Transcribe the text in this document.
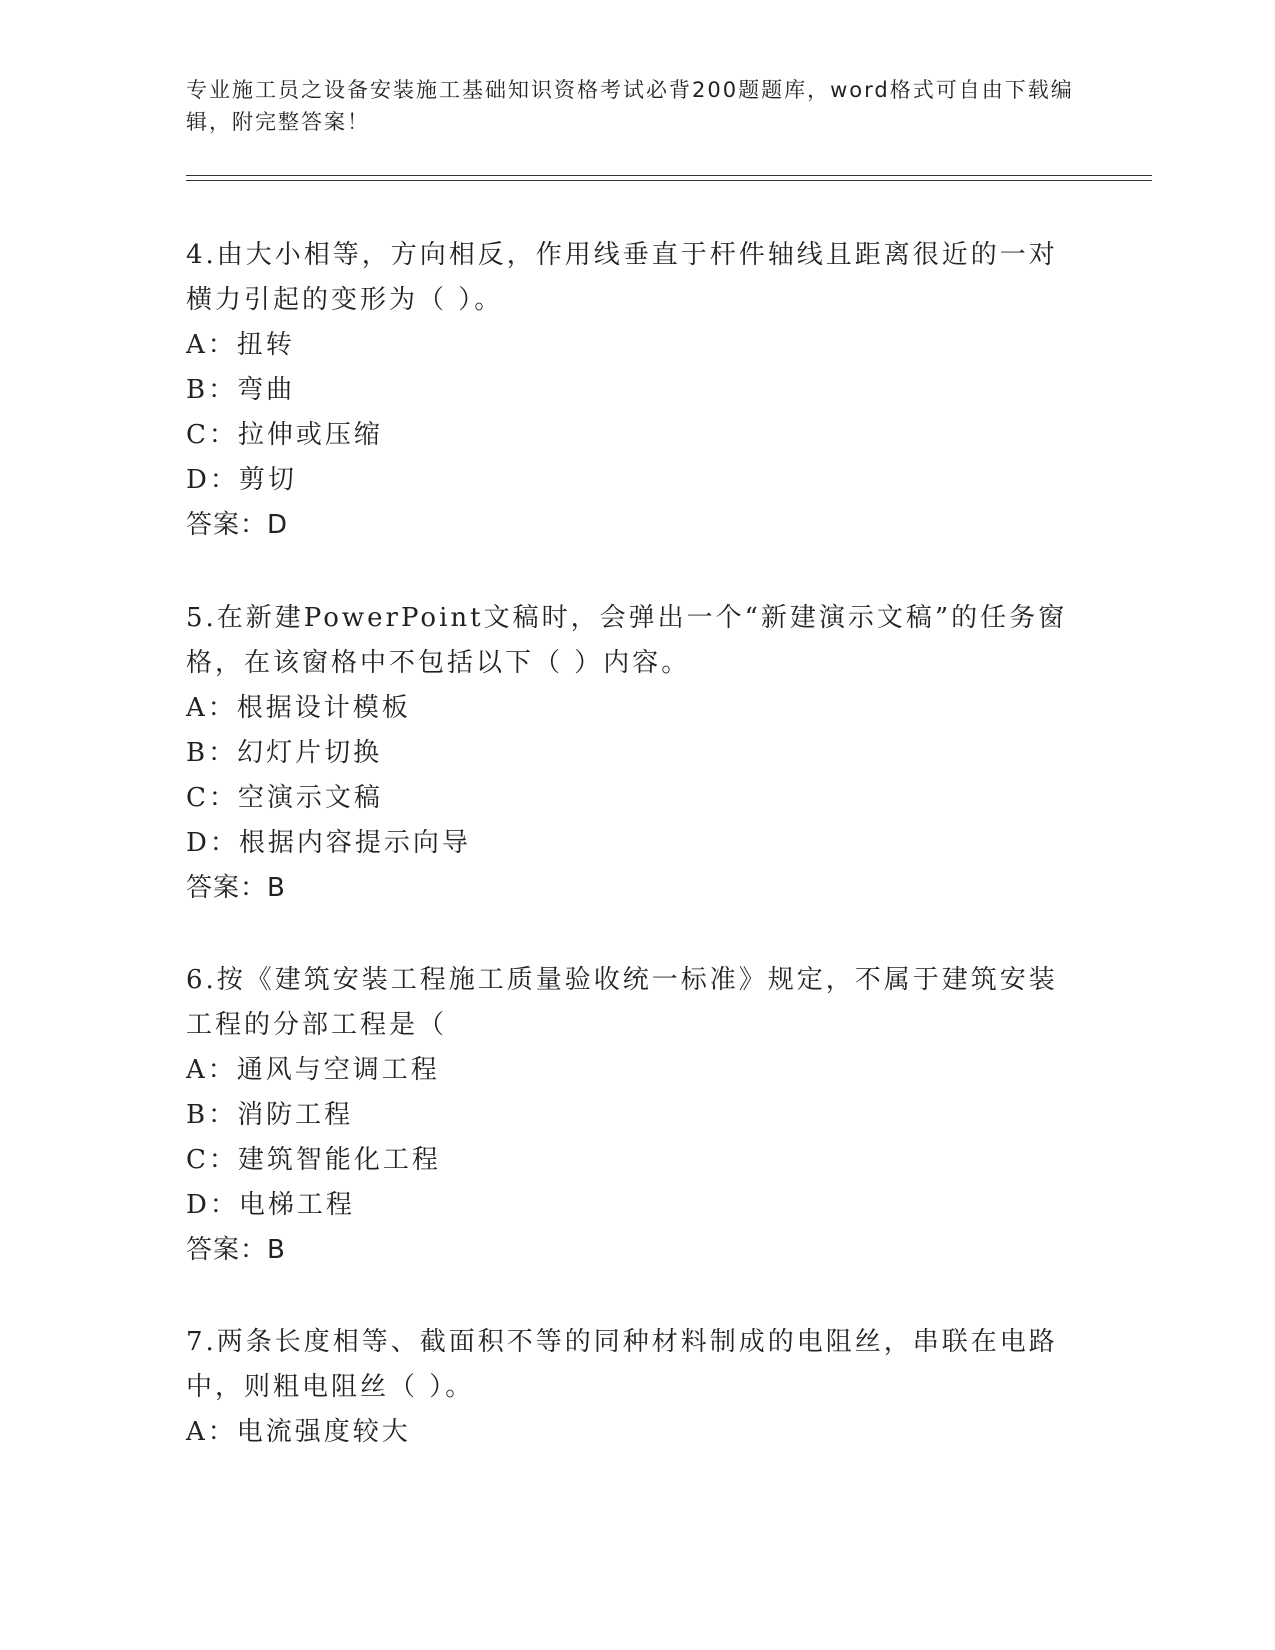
专业施工员之设备安装施工基础知识资格考试必背200题题库，word格式可自由下载编辑，附完整答案！

4.由大小相等，方向相反，作用线垂直于杆件轴线且距离很近的一对横力引起的变形为（ ）。

A：扭转

B：弯曲

C：拉伸或压缩

D：剪切

答案：D

5.在新建PowerPoint文稿时，会弹出一个“新建演示文稿”的任务窗格，在该窗格中不包括以下（ ）内容。

A：根据设计模板

B：幻灯片切换

C：空演示文稿

D：根据内容提示向导

答案：B

6.按《建筑安装工程施工质量验收统一标准》规定，不属于建筑安装工程的分部工程是（

A：通风与空调工程

B：消防工程

C：建筑智能化工程

D：电梯工程

答案：B

7.两条长度相等、截面积不等的同种材料制成的电阻丝，串联在电路中，则粗电阻丝（ ）。

A：电流强度较大
